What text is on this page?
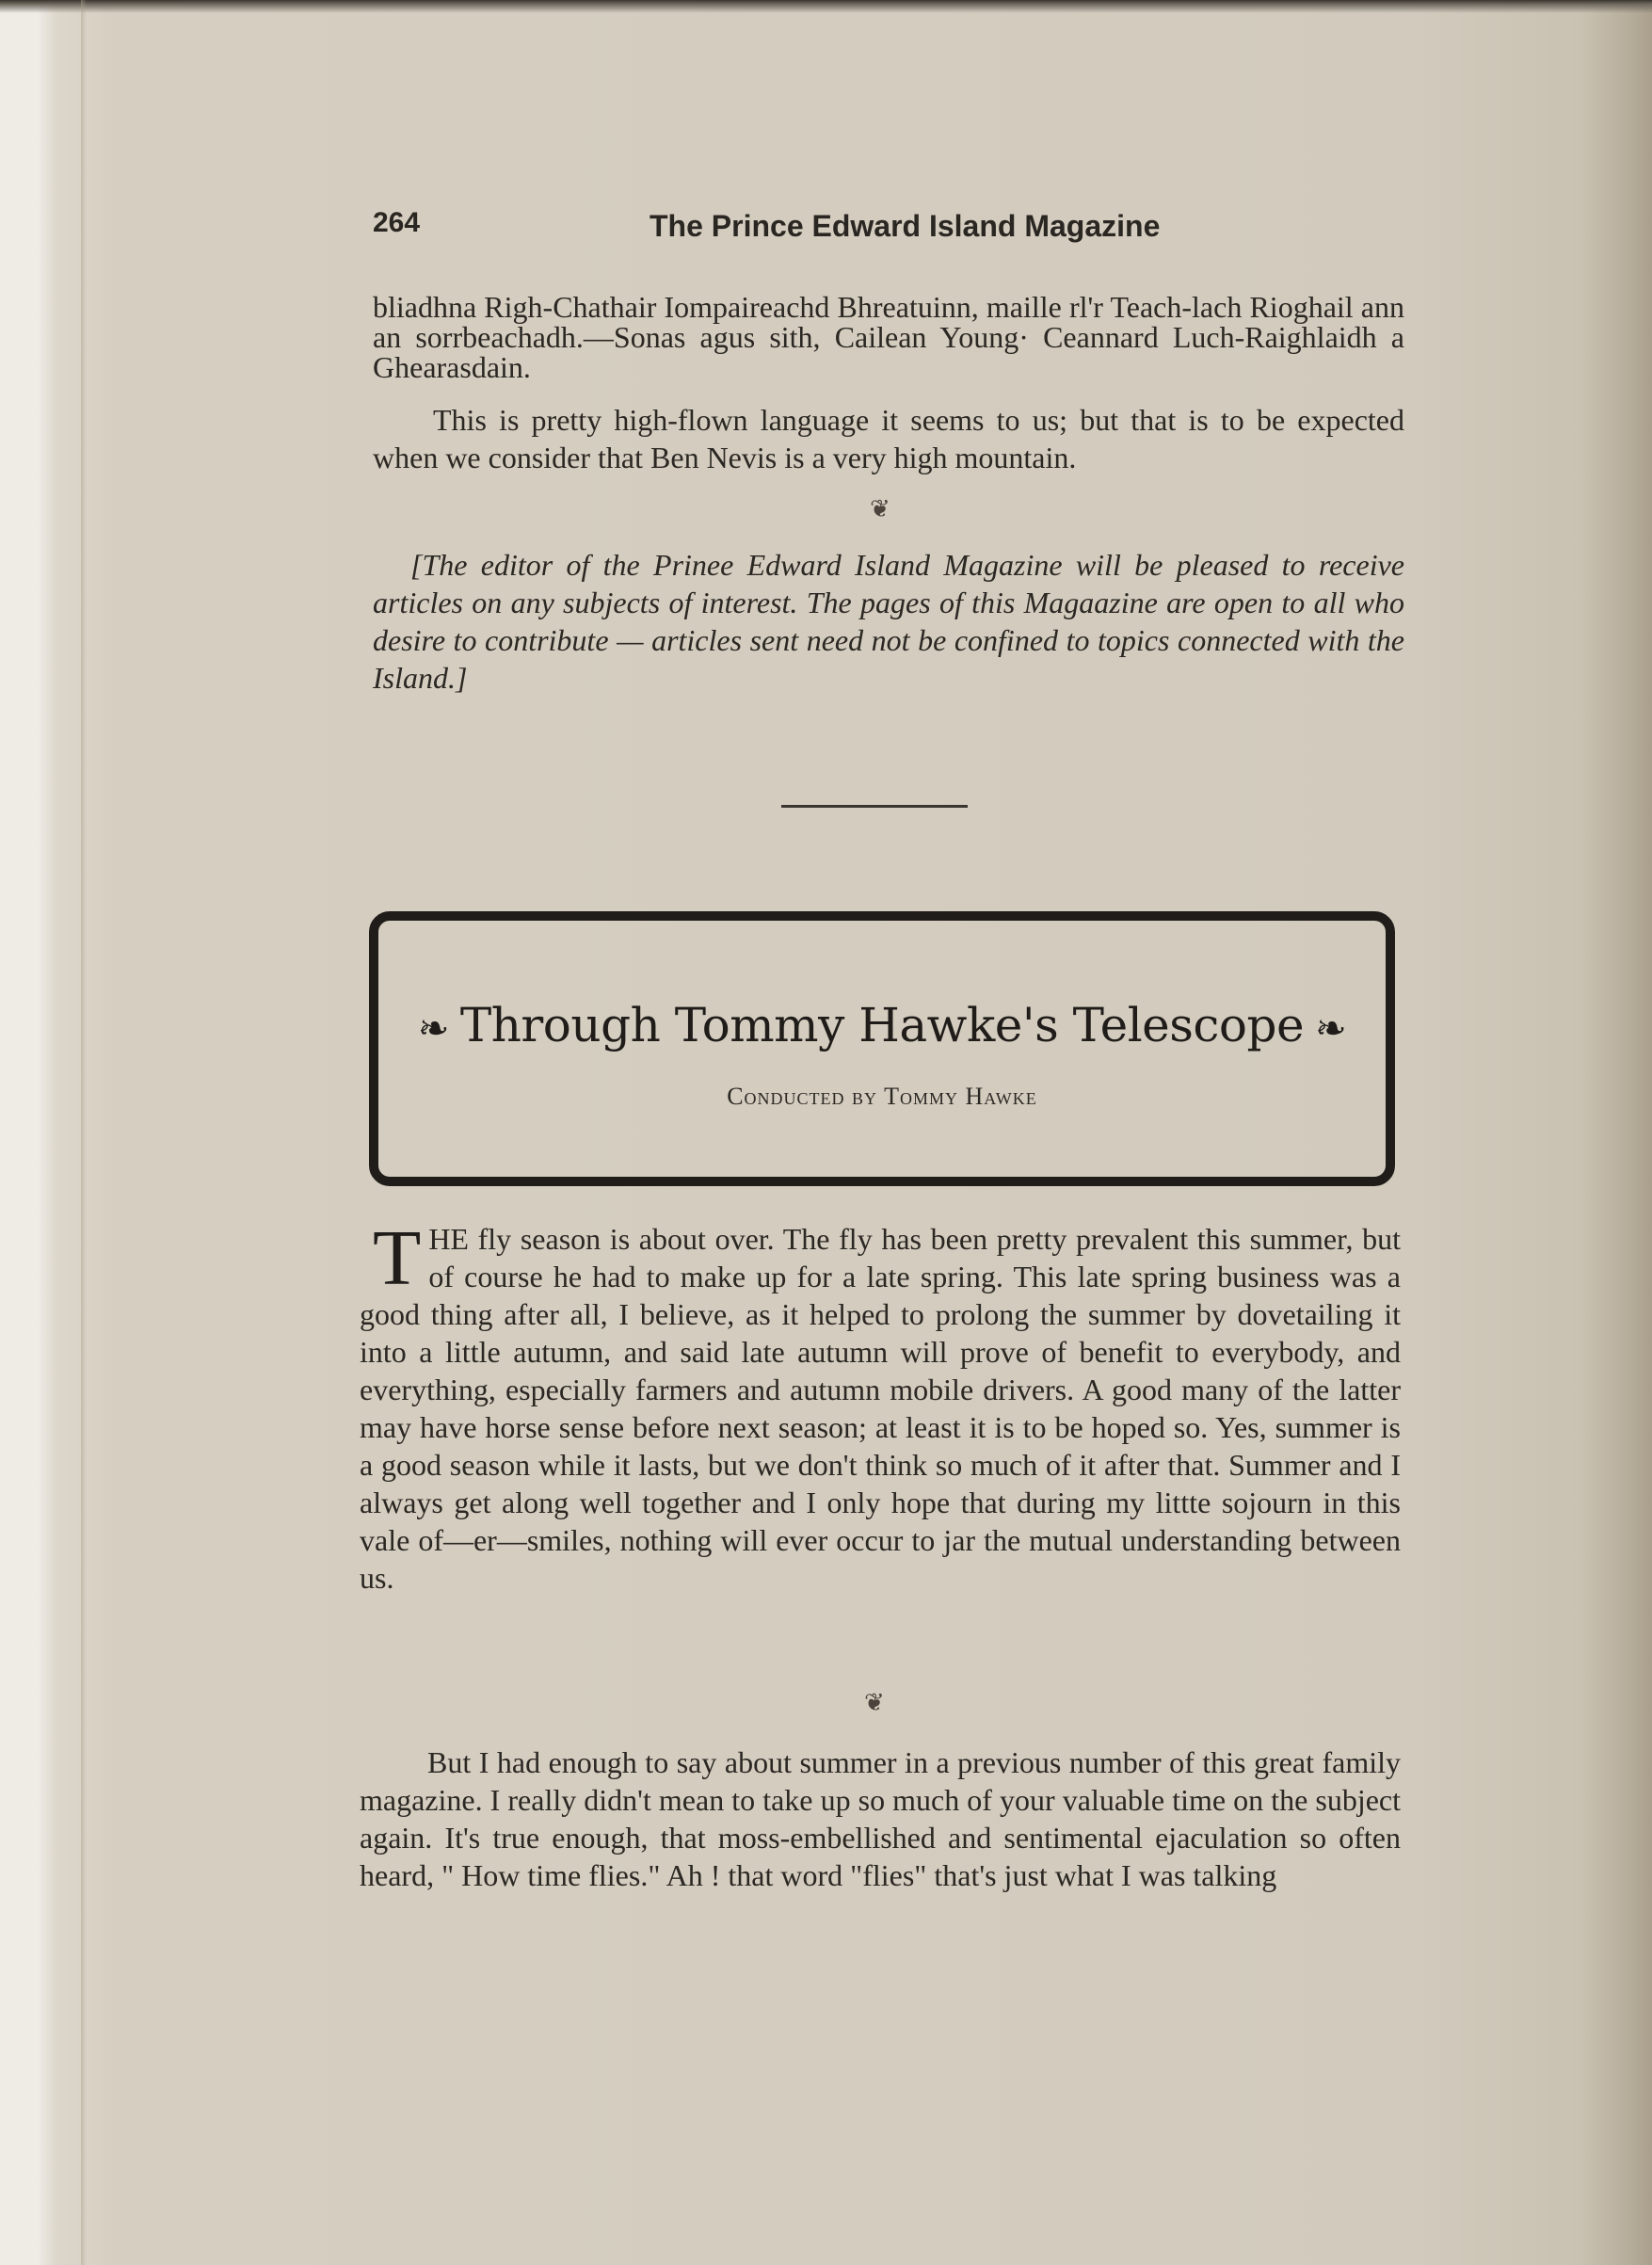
264	The Prince Edward Island Magazine

bliadhna Righ-Chathair Iompaireachd Bhreatuinn, maille rl'r Teach-lach Rioghail ann an sorrbeachadh.—Sonas agus sith, Cailean Young· Ceannard Luch-Raighlaidh a Ghearasdain.

This is pretty high-flown language it seems to us; but that is to be expected when we consider that Ben Nevis is a very high mountain.

❦

[The editor of the Prinee Edward Island Magazine will be pleased to receive articles on any subjects of interest. The pages of this Magaazine are open to all who desire to contribute — articles sent need not be confined to topics connected with the Island.]

❧ Through Tommy Hawke's Telescope ❧
Conducted by Tommy Hawke

THE fly season is about over. The fly has been pretty prevalent this summer, but of course he had to make up for a late spring. This late spring business was a good thing after all, I believe, as it helped to prolong the summer by dovetailing it into a little autumn, and said late autumn will prove of benefit to everybody, and everything, especially farmers and autumn mobile drivers. A good many of the latter may have horse sense before next season; at least it is to be hoped so. Yes, summer is a good season while it lasts, but we don't think so much of it after that. Summer and I always get along well together and I only hope that during my littte sojourn in this vale of—er—smiles, nothing will ever occur to jar the mutual understanding between us.

❦

But I had enough to say about summer in a previous number of this great family magazine. I really didn't mean to take up so much of your valuable time on the subject again. It's true enough, that moss-embellished and sentimental ejaculation so often heard, " How time flies." Ah ! that word "flies" that's just what I was talking
